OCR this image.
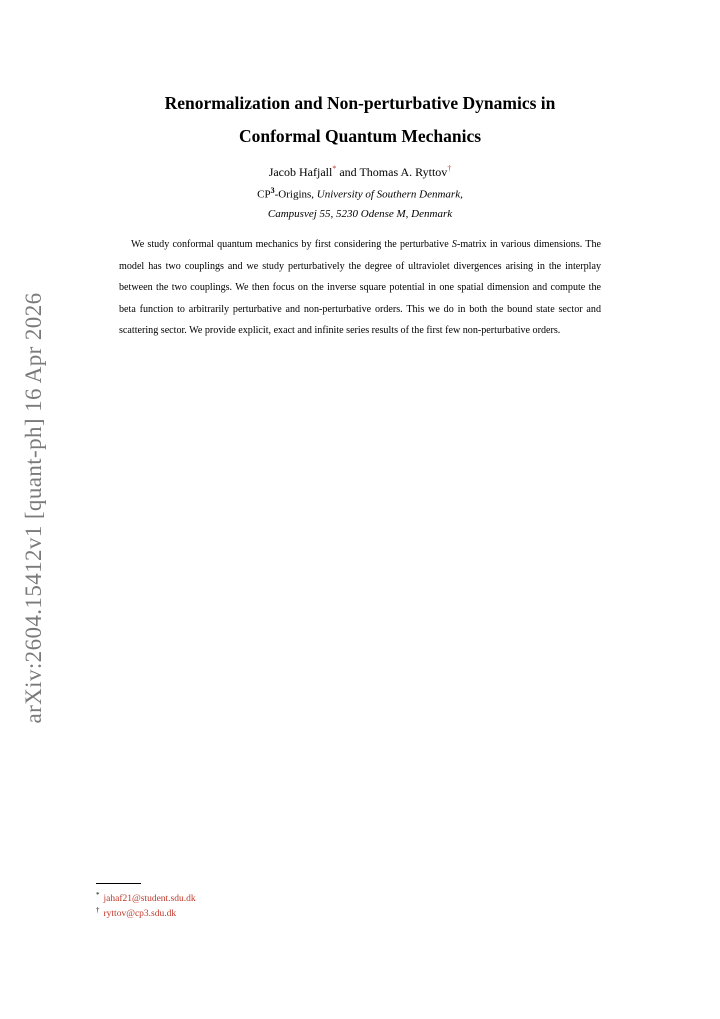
arXiv:2604.15412v1 [quant-ph] 16 Apr 2026
Renormalization and Non-perturbative Dynamics in
Conformal Quantum Mechanics
Jacob Hafjall* and Thomas A. Ryttov†
$CP^3$-Origins, University of Southern Denmark,
Campusvej 55, 5230 Odense M, Denmark

We study conformal quantum mechanics by first considering the perturbative S-matrix in various dimensions. The model has two couplings and we study perturbatively the degree of ultraviolet divergences arising in the interplay between the two couplings. We then focus on the inverse square potential in one spatial dimension and compute the beta function to arbitrarily perturbative and non-perturbative orders. This we do in both the bound state sector and scattering sector. We provide explicit, exact and infinite series results of the first few non-perturbative orders.

* jahaf21@student.sdu.dk
† ryttov@cp3.sdu.dk
